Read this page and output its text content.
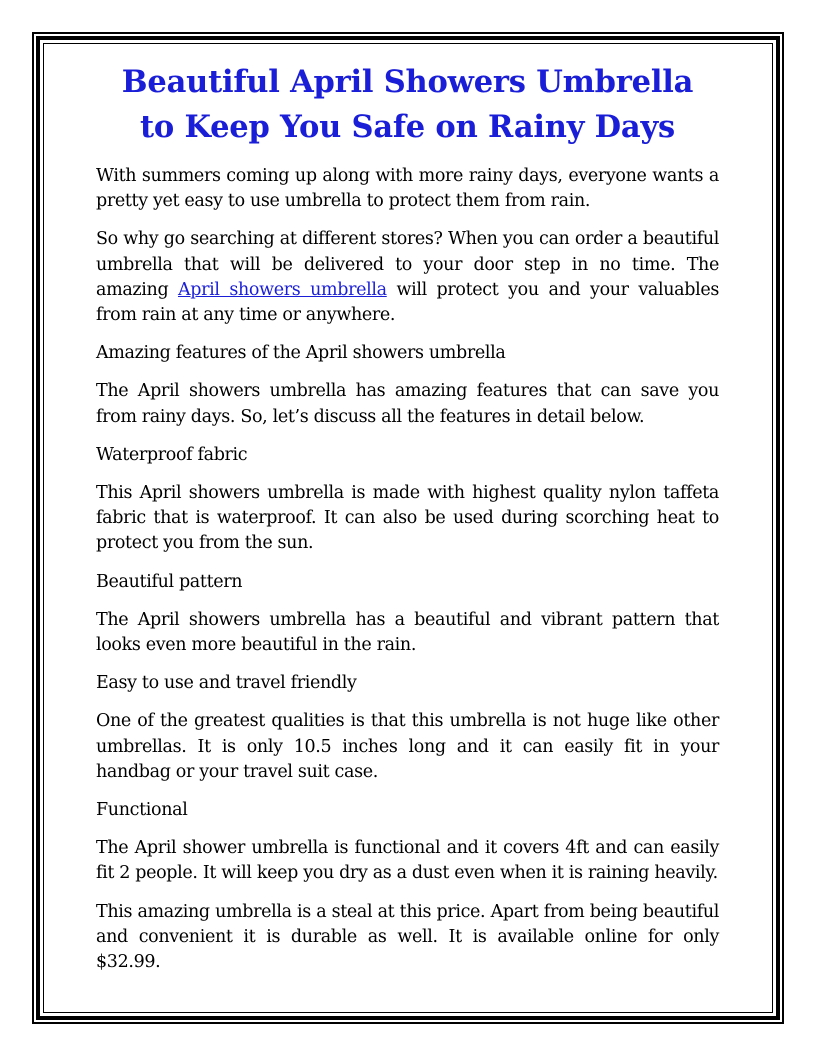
Beautiful April Showers Umbrella
to Keep You Safe on Rainy Days

With summers coming up along with more rainy days, everyone wants a pretty yet easy to use umbrella to protect them from rain.

So why go searching at different stores? When you can order a beautiful umbrella that will be delivered to your door step in no time. The amazing April showers umbrella will protect you and your valuables from rain at any time or anywhere.

Amazing features of the April showers umbrella

The April showers umbrella has amazing features that can save you from rainy days. So, let’s discuss all the features in detail below.

Waterproof fabric

This April showers umbrella is made with highest quality nylon taffeta fabric that is waterproof. It can also be used during scorching heat to protect you from the sun.

Beautiful pattern

The April showers umbrella has a beautiful and vibrant pattern that looks even more beautiful in the rain.

Easy to use and travel friendly

One of the greatest qualities is that this umbrella is not huge like other umbrellas. It is only 10.5 inches long and it can easily fit in your handbag or your travel suit case.

Functional

The April shower umbrella is functional and it covers 4ft and can easily fit 2 people. It will keep you dry as a dust even when it is raining heavily.

This amazing umbrella is a steal at this price. Apart from being beautiful and convenient it is durable as well. It is available online for only $32.99.
